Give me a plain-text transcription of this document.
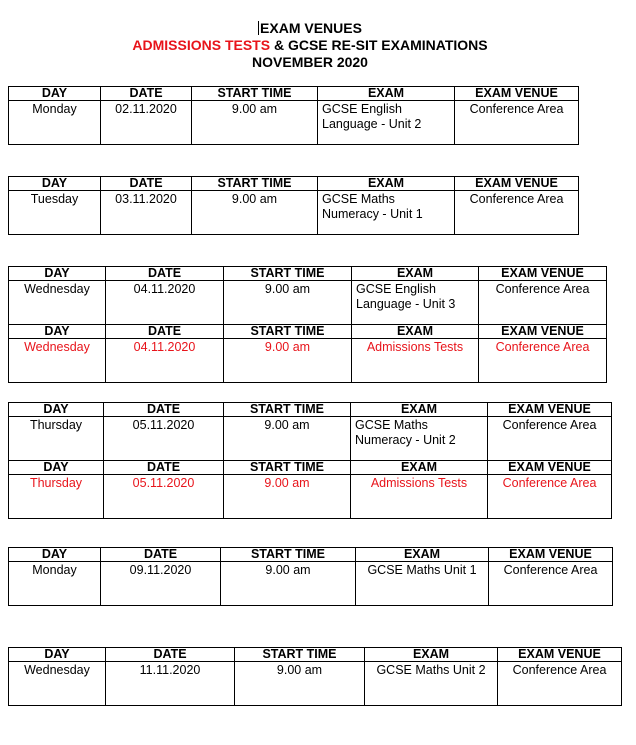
EXAM VENUES
ADMISSIONS TESTS & GCSE RE-SIT EXAMINATIONS
NOVEMBER 2020
DAY	DATE	START TIME	EXAM	EXAM VENUE
Monday	02.11.2020	9.00 am	GCSE English Language - Unit 2	Conference Area
DAY	DATE	START TIME	EXAM	EXAM VENUE
Tuesday	03.11.2020	9.00 am	GCSE Maths Numeracy - Unit 1	Conference Area
DAY	DATE	START TIME	EXAM	EXAM VENUE
Wednesday	04.11.2020	9.00 am	GCSE English Language - Unit 3	Conference Area
DAY	DATE	START TIME	EXAM	EXAM VENUE
Wednesday	04.11.2020	9.00 am	Admissions Tests	Conference Area
DAY	DATE	START TIME	EXAM	EXAM VENUE
Thursday	05.11.2020	9.00 am	GCSE Maths Numeracy - Unit 2	Conference Area
DAY	DATE	START TIME	EXAM	EXAM VENUE
Thursday	05.11.2020	9.00 am	Admissions Tests	Conference Area
DAY	DATE	START TIME	EXAM	EXAM VENUE
Monday	09.11.2020	9.00 am	GCSE Maths Unit 1	Conference Area
DAY	DATE	START TIME	EXAM	EXAM VENUE
Wednesday	11.11.2020	9.00 am	GCSE Maths Unit 2	Conference Area
